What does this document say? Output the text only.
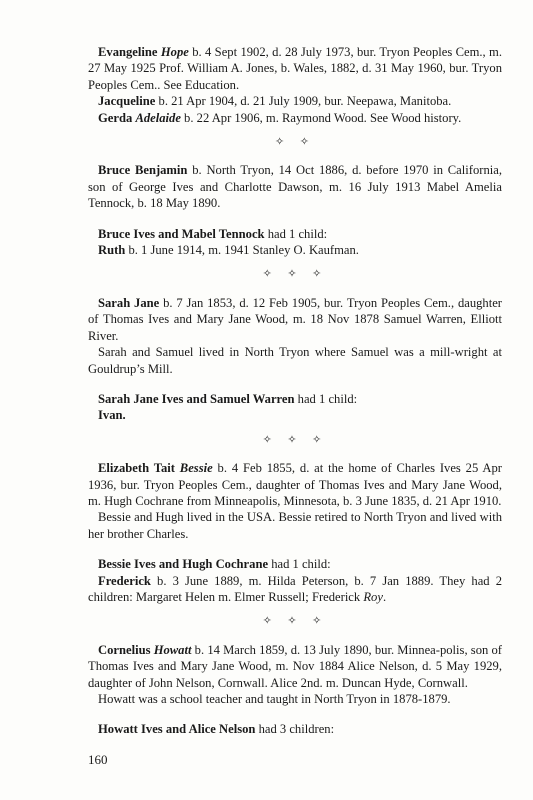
Evangeline Hope b. 4 Sept 1902, d. 28 July 1973, bur. Tryon Peoples Cem., m. 27 May 1925 Prof. William A. Jones, b. Wales, 1882, d. 31 May 1960, bur. Tryon Peoples Cem.. See Education.

Jacqueline b. 21 Apr 1904, d. 21 July 1909, bur. Neepawa, Manitoba.

Gerda Adelaide b. 22 Apr 1906, m. Raymond Wood. See Wood history.

✧ ✧

Bruce Benjamin b. North Tryon, 14 Oct 1886, d. before 1970 in California, son of George Ives and Charlotte Dawson, m. 16 July 1913 Mabel Amelia Tennock, b. 18 May 1890.

Bruce Ives and Mabel Tennock had 1 child:

Ruth b. 1 June 1914, m. 1941 Stanley O. Kaufman.

✧ ✧ ✧

Sarah Jane b. 7 Jan 1853, d. 12 Feb 1905, bur. Tryon Peoples Cem., daughter of Thomas Ives and Mary Jane Wood, m. 18 Nov 1878 Samuel Warren, Elliott River.

Sarah and Samuel lived in North Tryon where Samuel was a mill-wright at Gouldrup’s Mill.

Sarah Jane Ives and Samuel Warren had 1 child:

Ivan.

✧ ✧ ✧

Elizabeth Tait Bessie b. 4 Feb 1855, d. at the home of Charles Ives 25 Apr 1936, bur. Tryon Peoples Cem., daughter of Thomas Ives and Mary Jane Wood, m. Hugh Cochrane from Minneapolis, Minnesota, b. 3 June 1835, d. 21 Apr 1910.

Bessie and Hugh lived in the USA. Bessie retired to North Tryon and lived with her brother Charles.

Bessie Ives and Hugh Cochrane had 1 child:

Frederick b. 3 June 1889, m. Hilda Peterson, b. 7 Jan 1889. They had 2 children: Margaret Helen m. Elmer Russell; Frederick Roy.

✧ ✧ ✧

Cornelius Howatt b. 14 March 1859, d. 13 July 1890, bur. Minnea-polis, son of Thomas Ives and Mary Jane Wood, m. Nov 1884 Alice Nelson, d. 5 May 1929, daughter of John Nelson, Cornwall. Alice 2nd. m. Duncan Hyde, Cornwall.

Howatt was a school teacher and taught in North Tryon in 1878-1879.

Howatt Ives and Alice Nelson had 3 children:

160
